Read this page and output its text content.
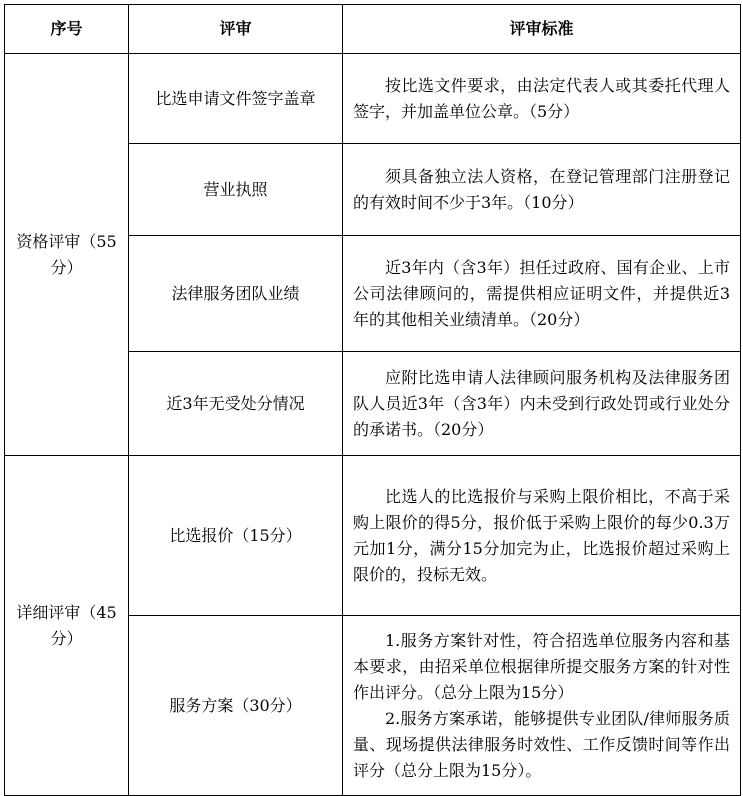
序号	评审	评审标准
资格评审（55分）	比选申请文件签字盖章	按比选文件要求，由法定代表人或其委托代理人签字，并加盖单位公章。（5分）

	营业执照	须具备独立法人资格，在登记管理部门注册登记的有效时间不少于3年。（10分）

	法律服务团队业绩	近3年内（含3年）担任过政府、国有企业、上市公司法律顾问的，需提供相应证明文件，并提供近3年的其他相关业绩清单。（20分）

	近3年无受处分情况	应附比选申请人法律顾问服务机构及法律服务团队人员近3年（含3年）内未受到行政处罚或行业处分的承诺书。（20分）

详细评审（45分）	比选报价（15分）	比选人的比选报价与采购上限价相比，不高于采购上限价的得5分，报价低于采购上限价的每少0.3万元加1分，满分15分加完为止，比选报价超过采购上限价的，投标无效。

	服务方案（30分）	1.服务方案针对性，符合招选单位服务内容和基本要求，由招采单位根据律所提交服务方案的针对性作出评分。（总分上限为15分）

2.服务方案承诺，能够提供专业团队/律师服务质量、现场提供法律服务时效性、工作反馈时间等作出评分（总分上限为15分）。
